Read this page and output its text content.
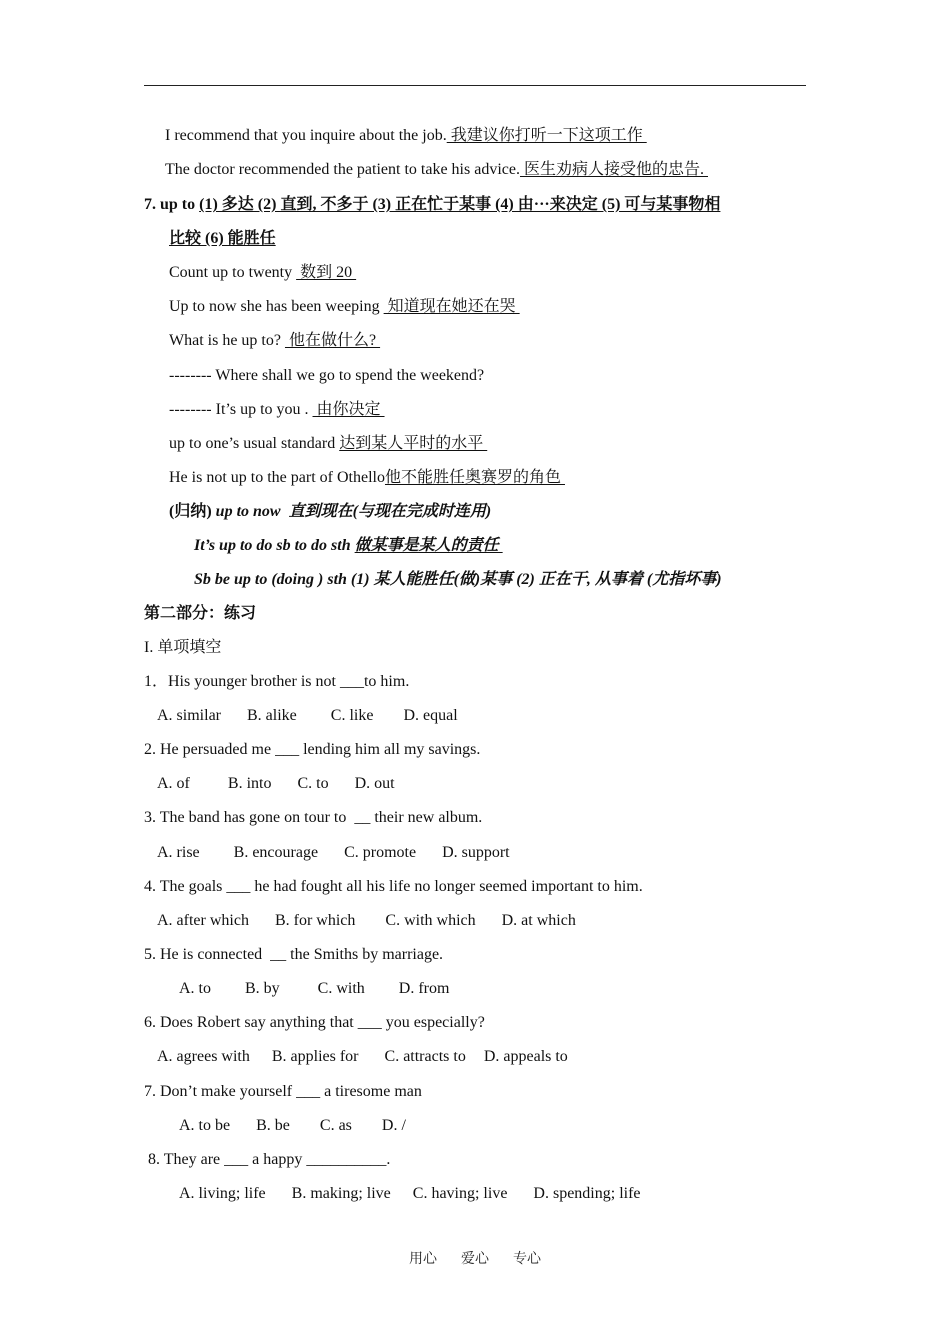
I recommend that you inquire about the job. 我建议你打听一下这项工作
The doctor recommended the patient to take his advice. 医生劝病人接受他的忠告.
7. up to (1) 多达 (2) 直到, 不多于 (3) 正在忙于某事 (4) 由···来决定 (5) 可与某事物相
比较 (6) 能胜任
Count up to twenty  数到 20
Up to now she has been weeping  知道现在她还在哭
What is he up to?  他在做什么?
-------- Where shall we go to spend the weekend?
-------- It’s up to you .  由你决定
up to one’s usual standard 达到某人平时的水平
He is not up to the part of Othello他不能胜任奥赛罗的角色
(归纳) up to now  直到现在(与现在完成时连用)
It’s up to do sb to do sth 做某事是某人的责任
Sb be up to (doing ) sth (1) 某人能胜任(做)某事 (2) 正在干, 从事着 (尤指坏事)
第二部分：练习
I. 单项填空
1．His younger brother is not ___to him.
A. similar B. alike C. like D. equal
2. He persuaded me ___ lending him all my savings.
A. of B. into C. to D. out
3. The band has gone on tour to  __ their new album.
A. rise B. encourage C. promote D. support
4. The goals ___ he had fought all his life no longer seemed important to him.
A. after which B. for which C. with which D. at which
5. He is connected  __ the Smiths by marriage.
A. to B. by C. with D. from
6. Does Robert say anything that ___ you especially?
A. agrees with B. applies for C. attracts to D. appeals to
7. Don’t make yourself ___ a tiresome man
A. to be B. be C. as D. /
8. They are ___ a happy __________.
A. living; life B. making; live C. having; live D. spending; life
用心 爱心 专心
